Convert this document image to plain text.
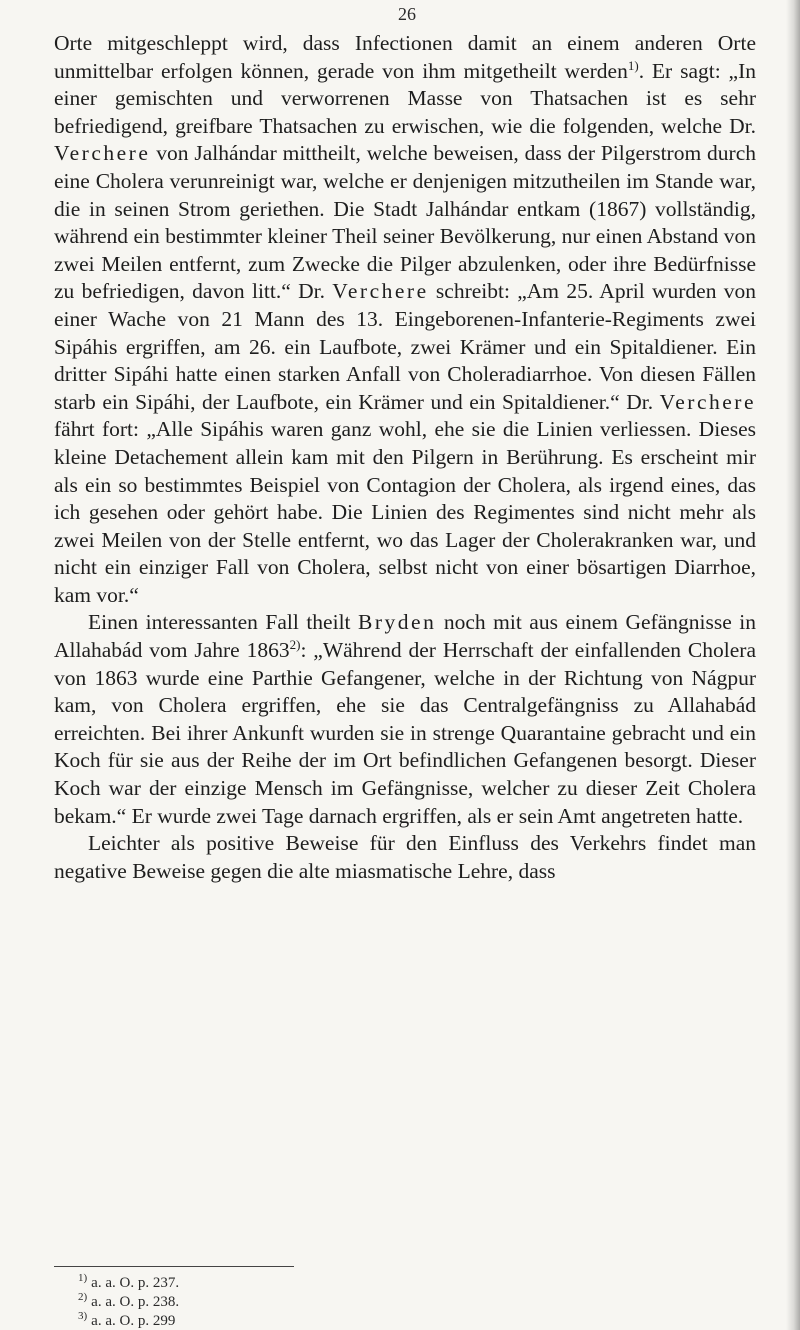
26

Orte mitgeschleppt wird, dass Infectionen damit an einem anderen Orte unmittelbar erfolgen können, gerade von ihm mitgetheilt werden$^{1)}$. Er sagt: „In einer gemischten und verworrenen Masse von Thatsachen ist es sehr befriedigend, greifbare Thatsachen zu erwischen, wie die folgenden, welche Dr. Verchere von Jalhándar mittheilt, welche beweisen, dass der Pilgerstrom durch eine Cholera verunreinigt war, welche er denjenigen mitzutheilen im Stande war, die in seinen Strom geriethen. Die Stadt Jalhándar entkam (1867) vollständig, während ein bestimmter kleiner Theil seiner Bevölkerung, nur einen Abstand von zwei Meilen entfernt, zum Zwecke die Pilger abzulenken, oder ihre Bedürfnisse zu befriedigen, davon litt.“ Dr. Verchere schreibt: „Am 25. April wurden von einer Wache von 21 Mann des 13. Eingeborenen-Infanterie-Regiments zwei Sipáhis ergriffen, am 26. ein Laufbote, zwei Krämer und ein Spitaldiener. Ein dritter Sipáhi hatte einen starken Anfall von Choleradiarrhoe. Von diesen Fällen starb ein Sipáhi, der Laufbote, ein Krämer und ein Spitaldiener.“ Dr. Verchere fährt fort: „Alle Sipáhis waren ganz wohl, ehe sie die Linien verliessen. Dieses kleine Detachement allein kam mit den Pilgern in Berührung. Es erscheint mir als ein so bestimmtes Beispiel von Contagion der Cholera, als irgend eines, das ich gesehen oder gehört habe. Die Linien des Regimentes sind nicht mehr als zwei Meilen von der Stelle entfernt, wo das Lager der Cholerakranken war, und nicht ein einziger Fall von Cholera, selbst nicht von einer bösartigen Diarrhoe, kam vor.“

Einen interessanten Fall theilt Bryden noch mit aus einem Gefängnisse in Allahabád vom Jahre 1863$^{2)}$: „Während der Herrschaft der einfallenden Cholera von 1863 wurde eine Parthie Gefangener, welche in der Richtung von Nágpur kam, von Cholera ergriffen, ehe sie das Centralgefängniss zu Allahabád erreichten. Bei ihrer Ankunft wurden sie in strenge Quarantaine gebracht und ein Koch für sie aus der Reihe der im Ort befindlichen Gefangenen besorgt. Dieser Koch war der einzige Mensch im Gefängnisse, welcher zu dieser Zeit Cholera bekam.“ Er wurde zwei Tage darnach ergriffen, als er sein Amt angetreten hatte.

Leichter als positive Beweise für den Einfluss des Verkehrs findet man negative Beweise gegen die alte miasmatische Lehre, dass

$^{1)}$ a. a. O. p. 237.
$^{2)}$ a. a. O. p. 238.
$^{3)}$ a. a. O. p. 299
